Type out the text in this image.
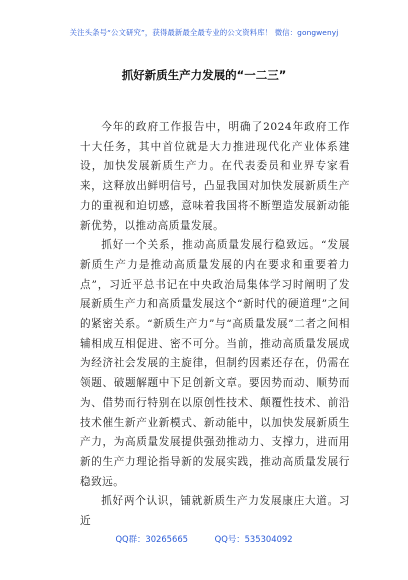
关注头条号“公文研究”，获得最新最全最专业的公文资料库！ 微信：gongwenyj
抓好新质生产力发展的“一二三”

今年的政府工作报告中，明确了2024年政府工作十大任务，其中首位就是大力推进现代化产业体系建设，加快发展新质生产力。在代表委员和业界专家看来，这释放出鲜明信号，凸显我国对加快发展新质生产力的重视和迫切感，意味着我国将不断塑造发展新动能新优势，以推动高质量发展。

抓好一个关系，推动高质量发展行稳致远。“发展新质生产力是推动高质量发展的内在要求和重要着力点”，习近平总书记在中央政治局集体学习时阐明了发展新质生产力和高质量发展这个“新时代的硬道理”之间的紧密关系。“新质生产力”与“高质量发展”二者之间相辅相成互相促进、密不可分。当前，推动高质量发展成为经济社会发展的主旋律，但制约因素还存在，仍需在领题、破题解题中下足创新文章。要因势而动、顺势而为、借势而行特别在以原创性技术、颠覆性技术、前沿技术催生新产业新模式、新动能中，以加快发展新质生产力，为高质量发展提供强劲推动力、支撑力，进而用新的生产力理论指导新的发展实践，推动高质量发展行稳致远。

抓好两个认识，铺就新质生产力发展康庄大道。习近

QQ群：30265665	QQ号：535304092
